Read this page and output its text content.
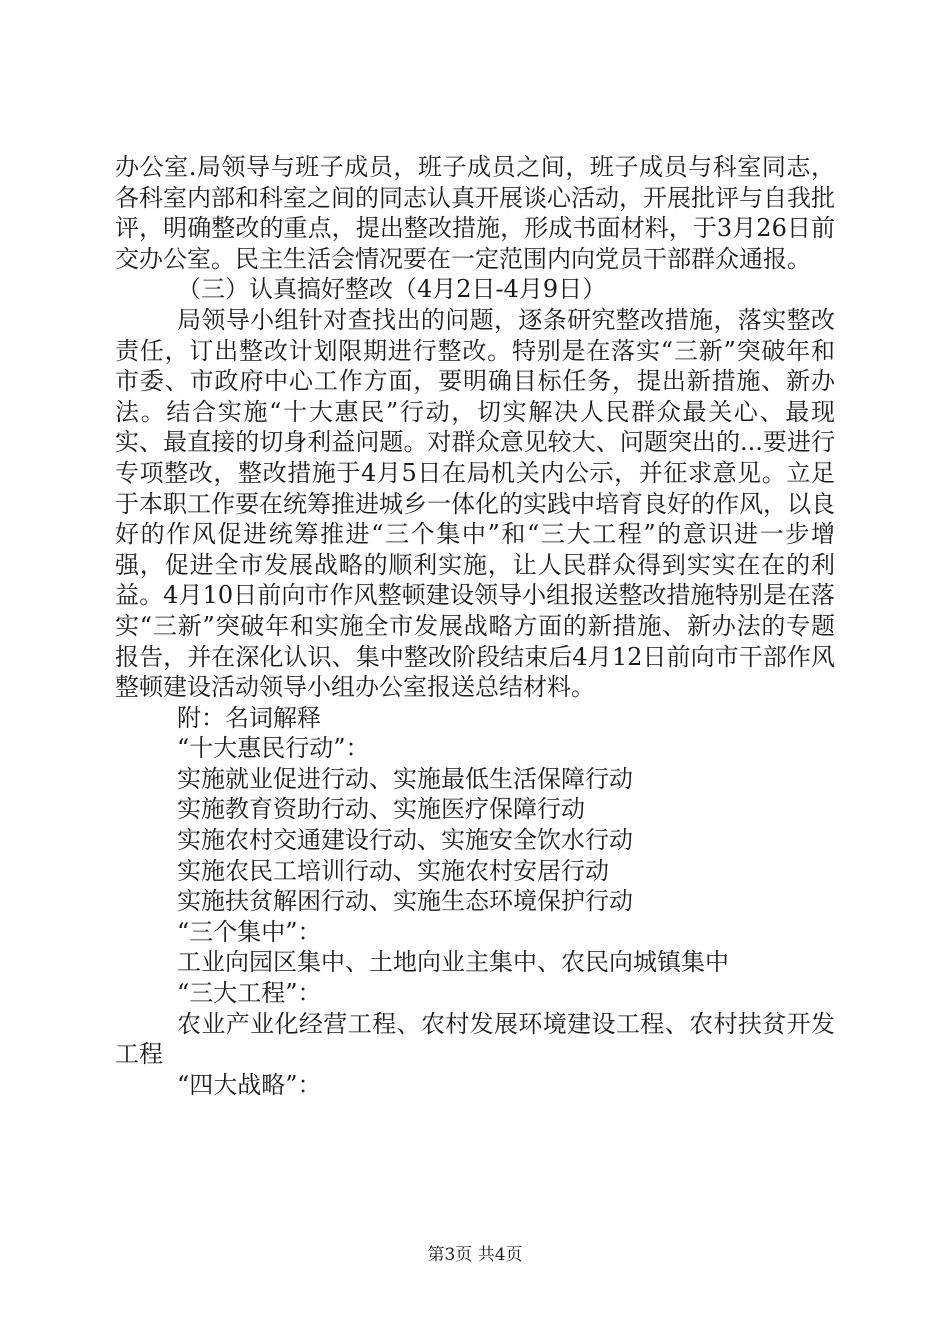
办公室.局领导与班子成员，班子成员之间，班子成员与科室同志，各科室内部和科室之间的同志认真开展谈心活动，开展批评与自我批评，明确整改的重点，提出整改措施，形成书面材料，于3月26日前交办公室。民主生活会情况要在一定范围内向党员干部群众通报。

（三）认真搞好整改（4月2日-4月9日）

局领导小组针对查找出的问题，逐条研究整改措施，落实整改责任，订出整改计划限期进行整改。特别是在落实“三新”突破年和市委、市政府中心工作方面，要明确目标任务，提出新措施、新办法。结合实施“十大惠民”行动，切实解决人民群众最关心、最现实、最直接的切身利益问题。对群众意见较大、问题突出的...要进行专项整改，整改措施于4月5日在局机关内公示，并征求意见。立足于本职工作要在统筹推进城乡一体化的实践中培育良好的作风，以良好的作风促进统筹推进“三个集中”和“三大工程”的意识进一步增强，促进全市发展战略的顺利实施，让人民群众得到实实在在的利益。4月10日前向市作风整顿建设领导小组报送整改措施特别是在落实“三新”突破年和实施全市发展战略方面的新措施、新办法的专题报告，并在深化认识、集中整改阶段结束后4月12日前向市干部作风整顿建设活动领导小组办公室报送总结材料。

附：名词解释

“十大惠民行动”：

实施就业促进行动、实施最低生活保障行动

实施教育资助行动、实施医疗保障行动

实施农村交通建设行动、实施安全饮水行动

实施农民工培训行动、实施农村安居行动

实施扶贫解困行动、实施生态环境保护行动

“三个集中”：

工业向园区集中、土地向业主集中、农民向城镇集中

“三大工程”：

农业产业化经营工程、农村发展环境建设工程、农村扶贫开发工程

“四大战略”：

第3页 共4页
